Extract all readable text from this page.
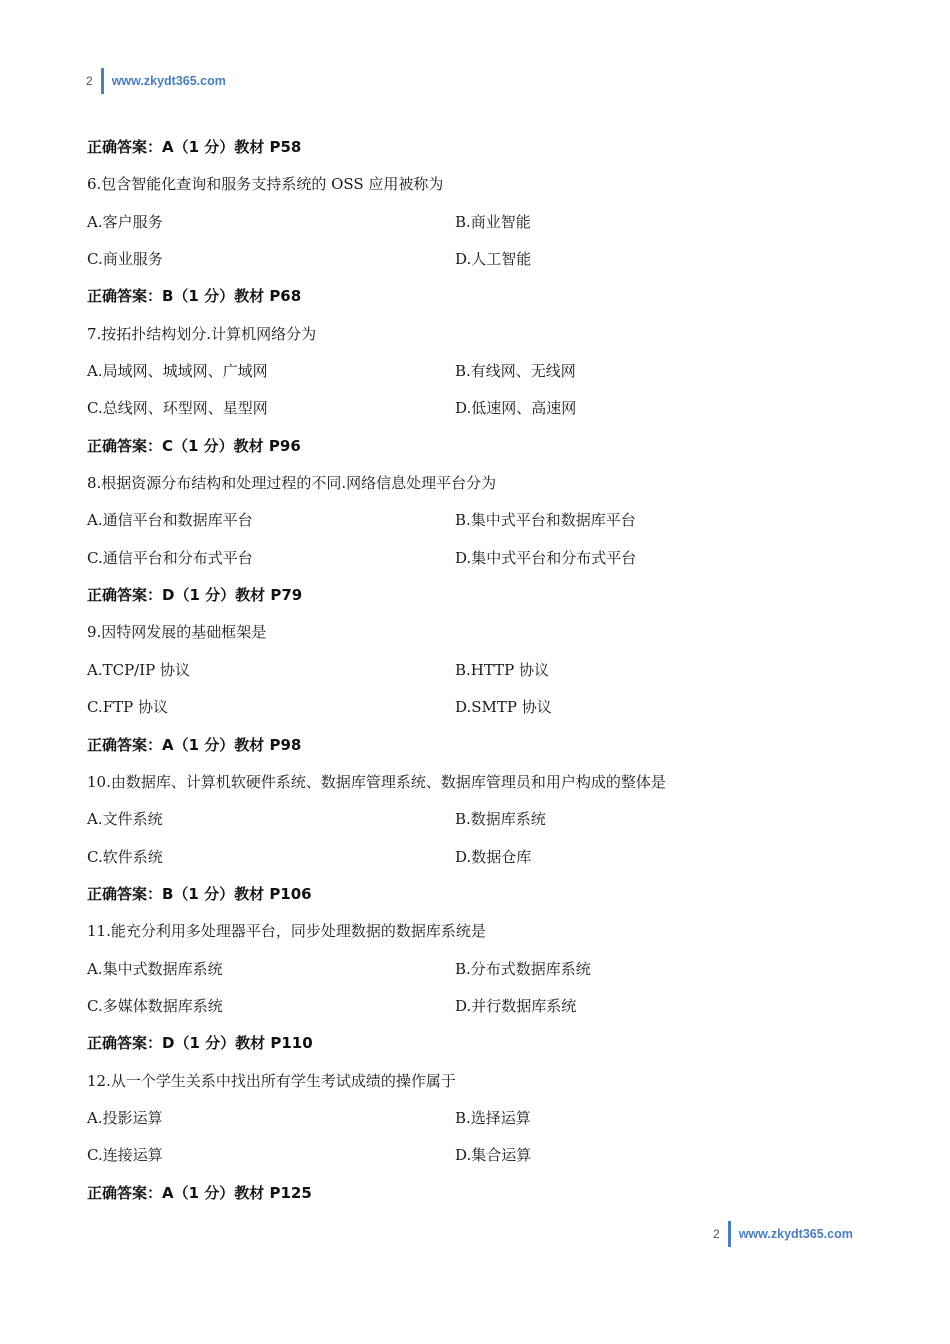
2 www.zkydt365.com
正确答案：A（1 分）教材 P58
6.包含智能化查询和服务支持系统的 OSS 应用被称为
A.客户服务	B.商业智能
C.商业服务	D.人工智能
正确答案：B（1 分）教材 P68
7.按拓扑结构划分.计算机网络分为
A.局域网、城域网、广域网	B.有线网、无线网
C.总线网、环型网、星型网	D.低速网、高速网
正确答案：C（1 分）教材 P96
8.根据资源分布结构和处理过程的不同.网络信息处理平台分为
A.通信平台和数据库平台	B.集中式平台和数据库平台
C.通信平台和分布式平台	D.集中式平台和分布式平台
正确答案：D（1 分）教材 P79
9.因特网发展的基础框架是
A.TCP/IP 协议	B.HTTP 协议
C.FTP 协议	D.SMTP 协议
正确答案：A（1 分）教材 P98
10.由数据库、计算机软硬件系统、数据库管理系统、数据库管理员和用户构成的整体是
A.文件系统	B.数据库系统
C.软件系统	D.数据仓库
正确答案：B（1 分）教材 P106
11.能充分利用多处理器平台，同步处理数据的数据库系统是
A.集中式数据库系统	B.分布式数据库系统
C.多媒体数据库系统	D.并行数据库系统
正确答案：D（1 分）教材 P110
12.从一个学生关系中找出所有学生考试成绩的操作属于
A.投影运算	B.选择运算
C.连接运算	D.集合运算
正确答案：A（1 分）教材 P125
2 www.zkydt365.com
